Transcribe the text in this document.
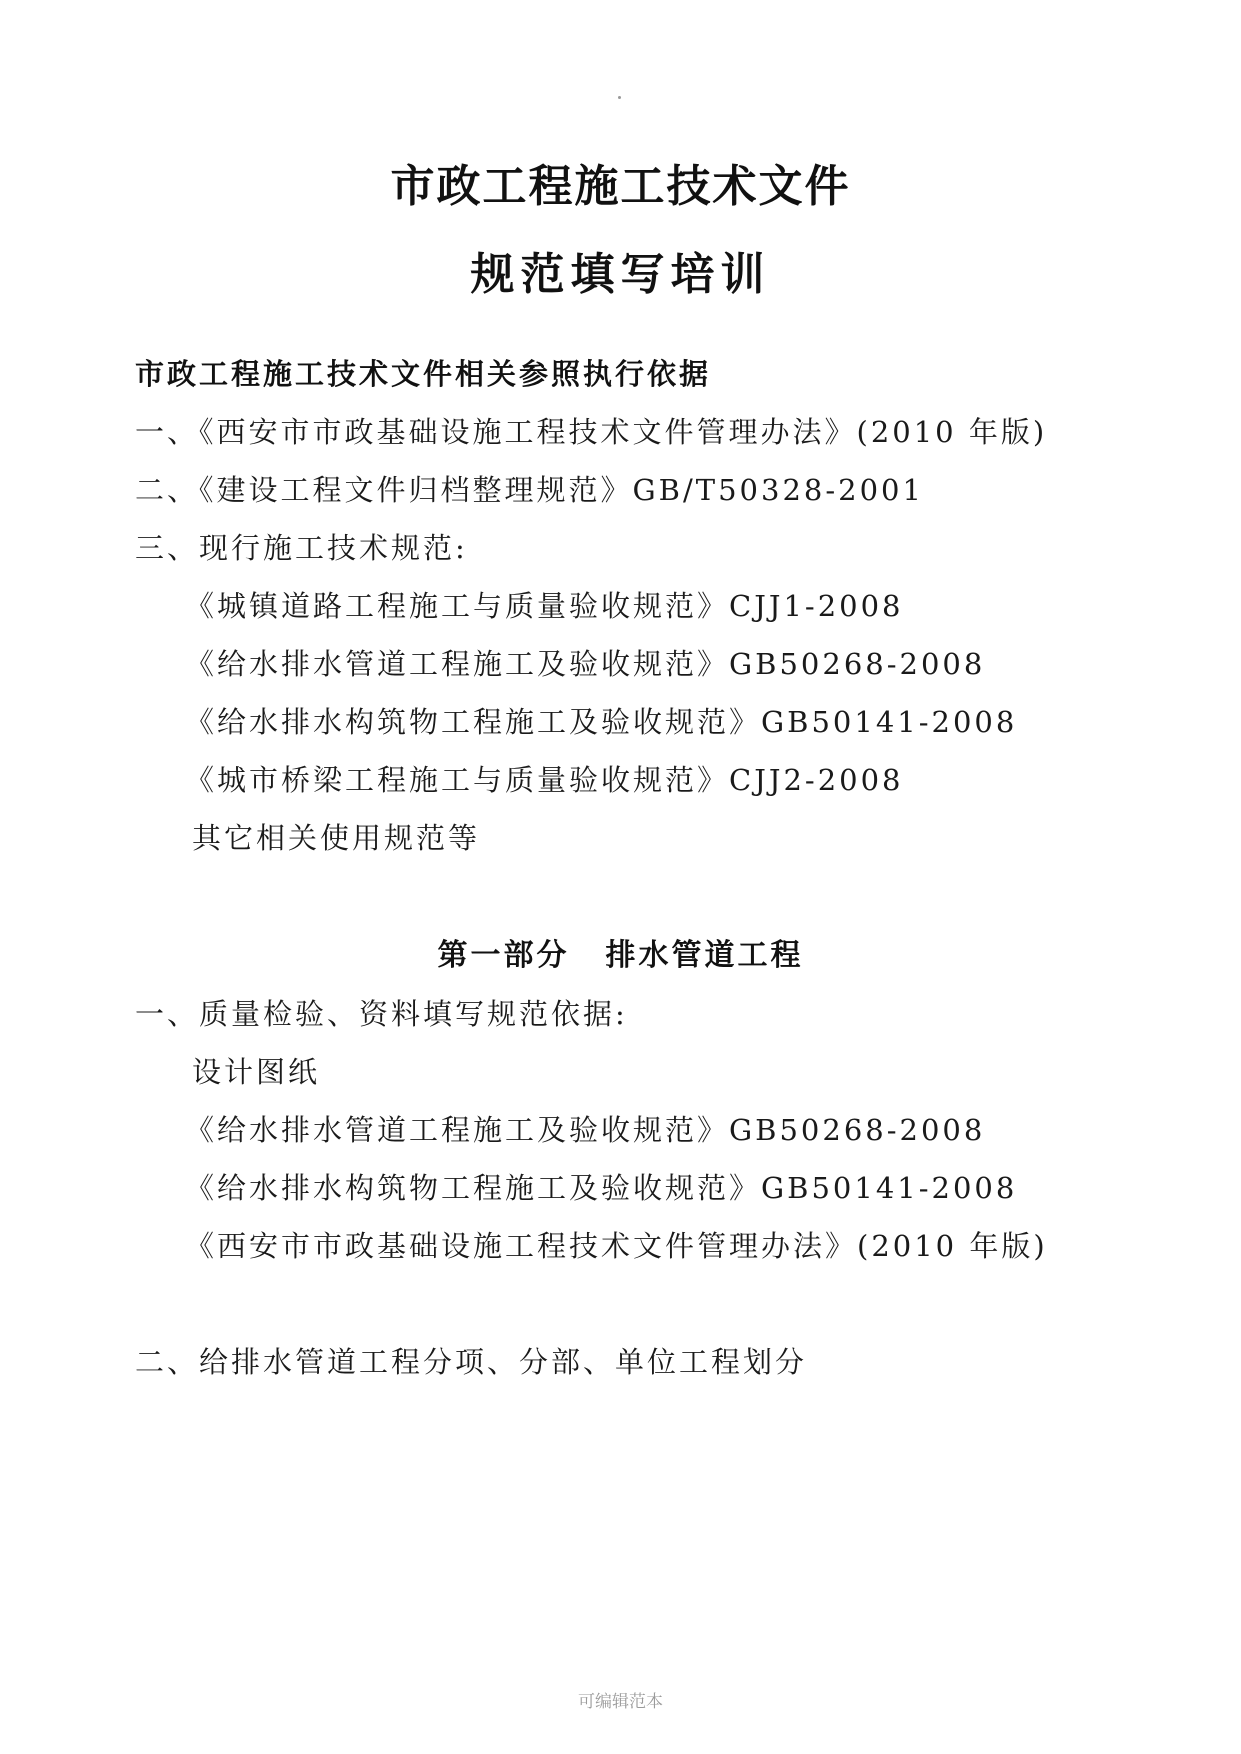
市政工程施工技术文件
规范填写培训
市政工程施工技术文件相关参照执行依据
一、《西安市市政基础设施工程技术文件管理办法》(2010 年版)
二、《建设工程文件归档整理规范》GB/T50328-2001
三、现行施工技术规范:
《城镇道路工程施工与质量验收规范》CJJ1-2008
《给水排水管道工程施工及验收规范》GB50268-2008
《给水排水构筑物工程施工及验收规范》GB50141-2008
《城市桥梁工程施工与质量验收规范》CJJ2-2008
其它相关使用规范等
第一部分 排水管道工程
一、质量检验、资料填写规范依据:
设计图纸
《给水排水管道工程施工及验收规范》GB50268-2008
《给水排水构筑物工程施工及验收规范》GB50141-2008
《西安市市政基础设施工程技术文件管理办法》(2010 年版)
二、给排水管道工程分项、分部、单位工程划分
可编辑范本
